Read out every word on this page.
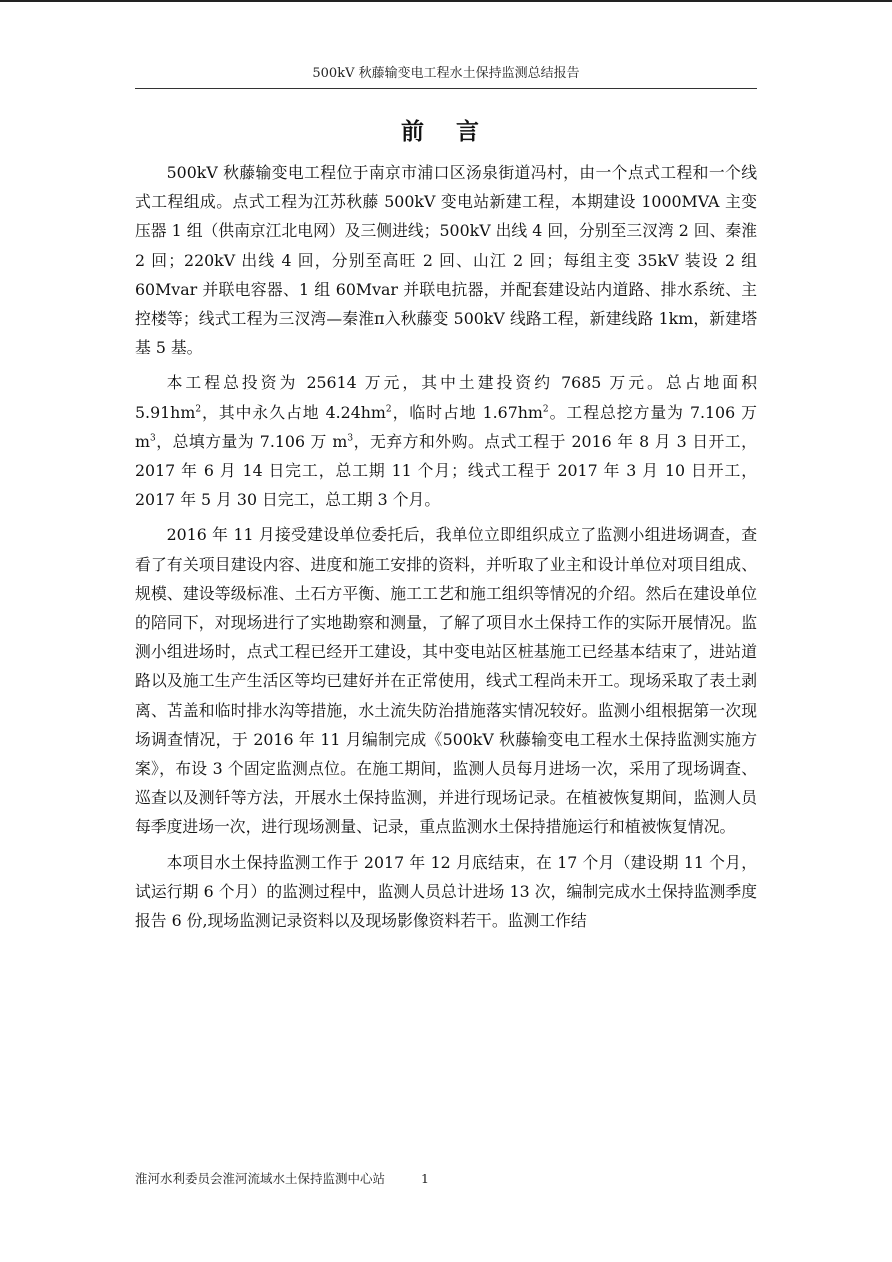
500kV 秋藤输变电工程水土保持监测总结报告
前 言

500kV 秋藤输变电工程位于南京市浦口区汤泉街道冯村，由一个点式工程和一个线式工程组成。点式工程为江苏秋藤 500kV 变电站新建工程，本期建设 1000MVA 主变压器 1 组（供南京江北电网）及三侧进线；500kV 出线 4 回，分别至三汊湾 2 回、秦淮 2 回；220kV 出线 4 回，分别至高旺 2 回、山江 2 回；每组主变 35kV 装设 2 组 60Mvar 并联电容器、1 组 60Mvar 并联电抗器，并配套建设站内道路、排水系统、主控楼等；线式工程为三汊湾—秦淮π入秋藤变 500kV 线路工程，新建线路 1km，新建塔基 5 基。

本工程总投资为 25614 万元，其中土建投资约 7685 万元。总占地面积 $5.91hm^2$，其中永久占地 $4.24hm^2$，临时占地 $1.67hm^2$。工程总挖方量为 7.106 万 $m^3$，总填方量为 7.106 万 $m^3$，无弃方和外购。点式工程于 2016 年 8 月 3 日开工，2017 年 6 月 14 日完工，总工期 11 个月；线式工程于 2017 年 3 月 10 日开工，2017 年 5 月 30 日完工，总工期 3 个月。

2016 年 11 月接受建设单位委托后，我单位立即组织成立了监测小组进场调查，查看了有关项目建设内容、进度和施工安排的资料，并听取了业主和设计单位对项目组成、规模、建设等级标准、土石方平衡、施工工艺和施工组织等情况的介绍。然后在建设单位的陪同下，对现场进行了实地勘察和测量，了解了项目水土保持工作的实际开展情况。监测小组进场时，点式工程已经开工建设，其中变电站区桩基施工已经基本结束了，进站道路以及施工生产生活区等均已建好并在正常使用，线式工程尚未开工。现场采取了表土剥离、苫盖和临时排水沟等措施，水土流失防治措施落实情况较好。监测小组根据第一次现场调查情况，于 2016 年 11 月编制完成《500kV 秋藤输变电工程水土保持监测实施方案》，布设 3 个固定监测点位。在施工期间，监测人员每月进场一次，采用了现场调查、巡查以及测钎等方法，开展水土保持监测，并进行现场记录。在植被恢复期间，监测人员每季度进场一次，进行现场测量、记录，重点监测水土保持措施运行和植被恢复情况。

本项目水土保持监测工作于 2017 年 12 月底结束，在 17 个月（建设期 11 个月，试运行期 6 个月）的监测过程中，监测人员总计进场 13 次，编制完成水土保持监测季度报告 6 份,现场监测记录资料以及现场影像资料若干。监测工作结

淮河水利委员会淮河流域水土保持监测中心站	1
